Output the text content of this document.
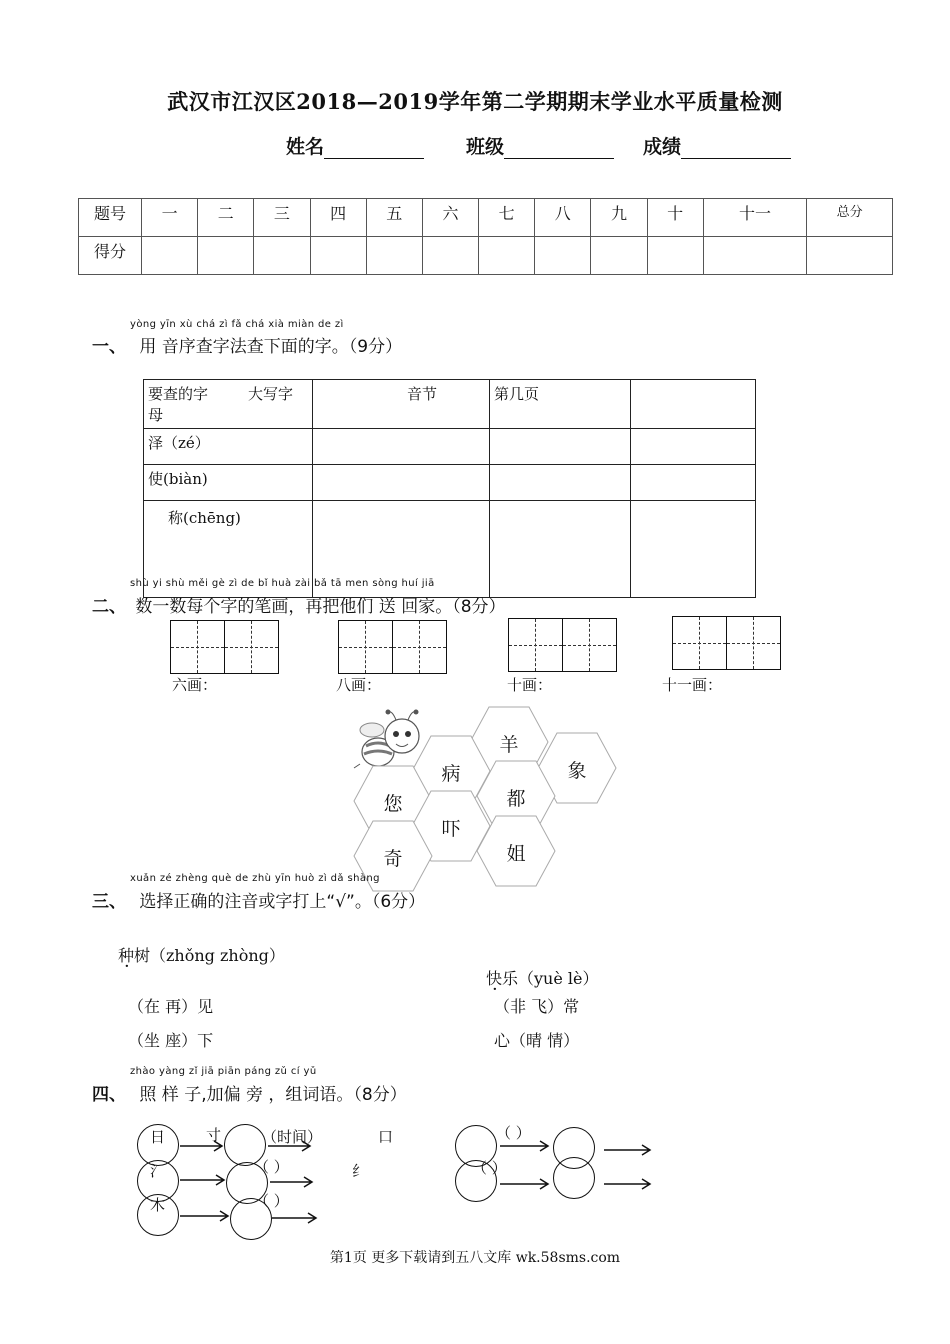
武汉市江汉区2018—2019学年第二学期期末学业水平质量检测
姓名	班级	成绩
题号	一	二	三	四	五	六	七	八	九	十	十一	总分
得分												
yòng yīn xù chá zì fǎ chá xià miàn de zì
一、 用 音序查字法查下面的字。（9分）
要查的字 大写字母	音节	第几页	
泽（zé）			
使(biàn)			
称(chēng)			
shù yi shù měi gè zì de bǐ huà zài bǎ tā men sòng huí jiā
二、 数一数每个字的笔画，再把他们 送 回家。（8分）
六画：	八画：	十画：	十一画：
羊
病	象
您	都
吓
奇	姐
xuǎn zé zhèng què de zhù yīn huò zì dǎ shàng
三、 选择正确的注音或字打上“√”。（6分）
种树（zhǒng zhòng） ·
快乐（yuè lè） ·
（在 再）见	（非 飞）常
（坐 座）下	心（晴 情）
zhào yàng zǐ jiā piān páng zǔ cí yǔ
四、 照 样 子,加偏 旁 ，组词语。（8分）
日	寸	（时间）	口
氵
木
纟
（ ）
（ ）
（ ）
（ ）
第1页 更多下载请到五八文库 wk.58sms.com
